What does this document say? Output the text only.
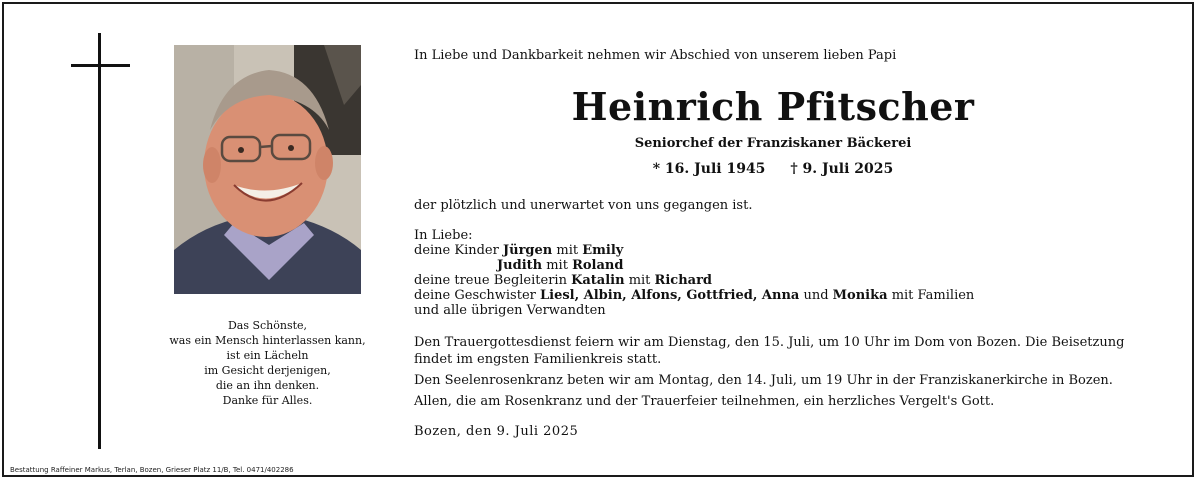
Das Schönste,
was ein Mensch hinterlassen kann,
ist ein Lächeln
im Gesicht derjenigen,
die an ihn denken.
Danke für Alles.
In Liebe und Dankbarkeit nehmen wir Abschied von unserem lieben Papi
Heinrich Pfitscher
Seniorchef der Franziskaner Bäckerei
* 16. Juli 1945 † 9. Juli 2025
der plötzlich und unerwartet von uns gegangen ist.
In Liebe:
deine Kinder Jürgen mit Emily
Judith mit Roland
deine treue Begleiterin Katalin mit Richard
deine Geschwister Liesl, Albin, Alfons, Gottfried, Anna und Monika mit Familien
und alle übrigen Verwandten

Den Trauergottesdienst feiern wir am Dienstag, den 15. Juli, um 10 Uhr im Dom von Bozen. Die Beisetzung findet im engsten Familienkreis statt.

Den Seelenrosenkranz beten wir am Montag, den 14. Juli, um 19 Uhr in der Franziskanerkirche in Bozen.

Allen, die am Rosenkranz und der Trauerfeier teilnehmen, ein herzliches Vergelt's Gott.

Bozen, den 9. Juli 2025
Bestattung Raffeiner Markus, Terlan, Bozen, Grieser Platz 11/B, Tel. 0471/402286
